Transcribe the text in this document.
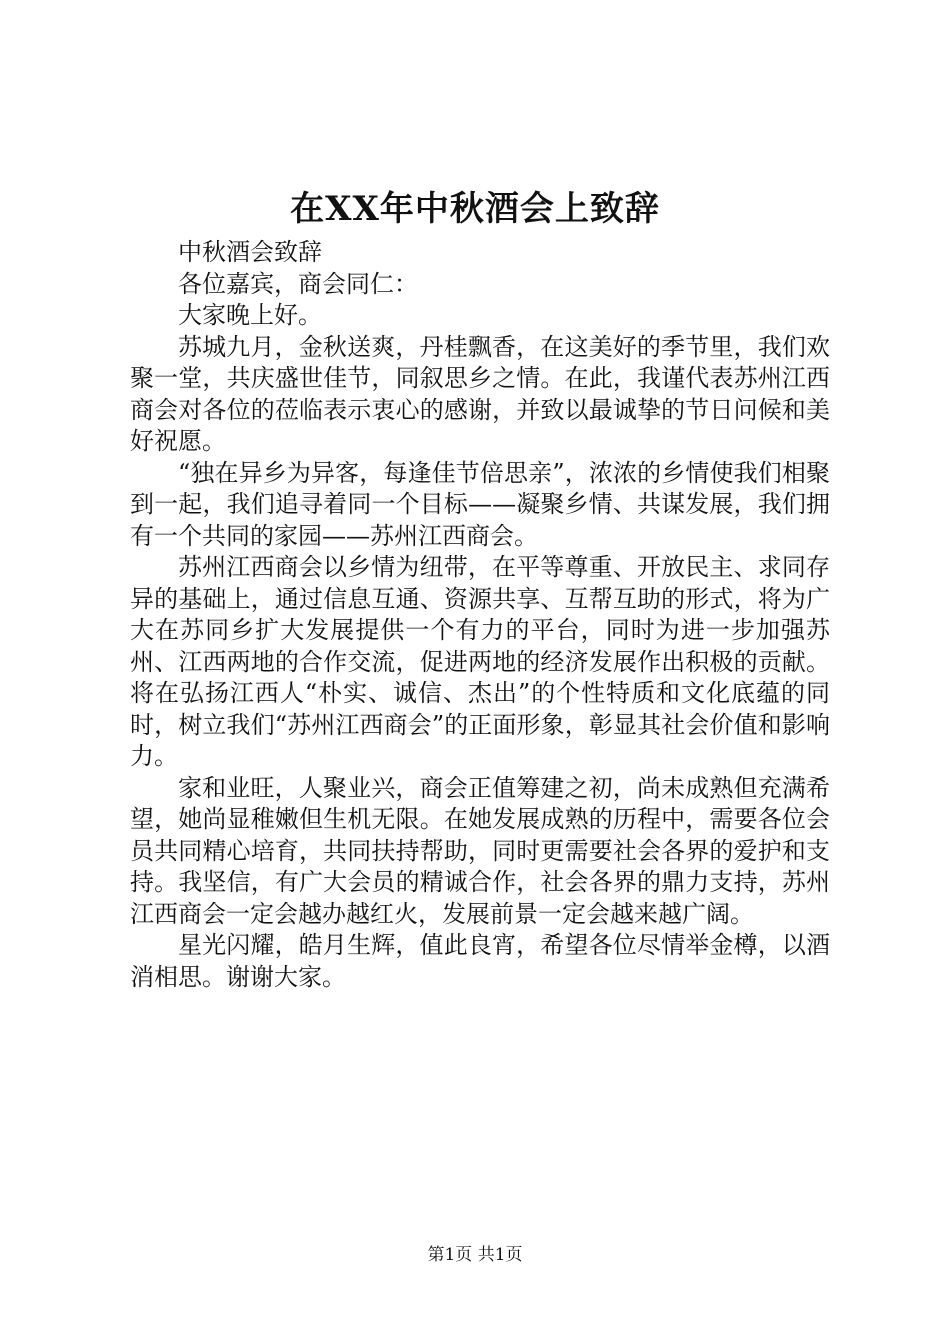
在XX年中秋酒会上致辞

中秋酒会致辞

各位嘉宾，商会同仁：

大家晚上好。

苏城九月，金秋送爽，丹桂飘香，在这美好的季节里，我们欢聚一堂，共庆盛世佳节，同叙思乡之情。在此，我谨代表苏州江西商会对各位的莅临表示衷心的感谢，并致以最诚挚的节日问候和美好祝愿。

“独在异乡为异客，每逢佳节倍思亲”，浓浓的乡情使我们相聚到一起，我们追寻着同一个目标——凝聚乡情、共谋发展，我们拥有一个共同的家园——苏州江西商会。

苏州江西商会以乡情为纽带，在平等尊重、开放民主、求同存异的基础上，通过信息互通、资源共享、互帮互助的形式，将为广大在苏同乡扩大发展提供一个有力的平台，同时为进一步加强苏州、江西两地的合作交流，促进两地的经济发展作出积极的贡献。将在弘扬江西人“朴实、诚信、杰出”的个性特质和文化底蕴的同时，树立我们“苏州江西商会”的正面形象，彰显其社会价值和影响力。

家和业旺，人聚业兴，商会正值筹建之初，尚未成熟但充满希望，她尚显稚嫩但生机无限。在她发展成熟的历程中，需要各位会员共同精心培育，共同扶持帮助，同时更需要社会各界的爱护和支持。我坚信，有广大会员的精诚合作，社会各界的鼎力支持，苏州江西商会一定会越办越红火，发展前景一定会越来越广阔。

星光闪耀，皓月生辉，值此良宵，希望各位尽情举金樽，以酒消相思。谢谢大家。

第1页 共1页
